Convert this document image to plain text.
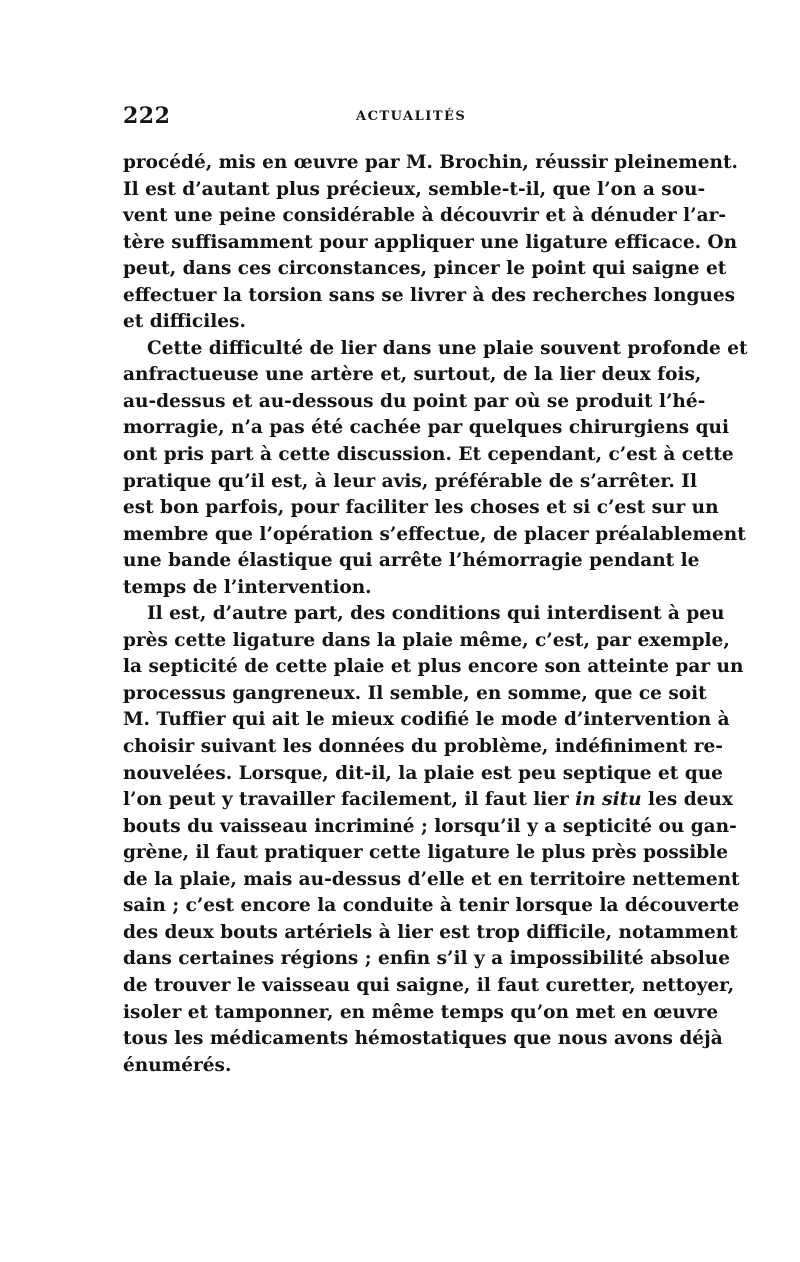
222	ACTUALITÉS
procédé, mis en œuvre par M. Brochin, réussir pleinement.
Il est d’autant plus précieux, semble-t-il, que l’on a sou-
vent une peine considérable à découvrir et à dénuder l’ar-
tère suffisamment pour appliquer une ligature efficace. On
peut, dans ces circonstances, pincer le point qui saigne et
effectuer la torsion sans se livrer à des recherches longues
et difficiles.
Cette difficulté de lier dans une plaie souvent profonde et
anfractueuse une artère et, surtout, de la lier deux fois,
au-dessus et au-dessous du point par où se produit l’hé-
morragie, n’a pas été cachée par quelques chirurgiens qui
ont pris part à cette discussion. Et cependant, c’est à cette
pratique qu’il est, à leur avis, préférable de s’arrêter. Il
est bon parfois, pour faciliter les choses et si c’est sur un
membre que l’opération s’effectue, de placer préalablement
une bande élastique qui arrête l’hémorragie pendant le
temps de l’intervention.
Il est, d’autre part, des conditions qui interdisent à peu
près cette ligature dans la plaie même, c’est, par exemple,
la septicité de cette plaie et plus encore son atteinte par un
processus gangreneux. Il semble, en somme, que ce soit
M. Tuffier qui ait le mieux codifié le mode d’intervention à
choisir suivant les données du problème, indéfiniment re-
nouvelées. Lorsque, dit-il, la plaie est peu septique et que
l’on peut y travailler facilement, il faut lier in situ les deux
bouts du vaisseau incriminé ; lorsqu’il y a septicité ou gan-
grène, il faut pratiquer cette ligature le plus près possible
de la plaie, mais au-dessus d’elle et en territoire nettement
sain ; c’est encore la conduite à tenir lorsque la découverte
des deux bouts artériels à lier est trop difficile, notamment
dans certaines régions ; enfin s’il y a impossibilité absolue
de trouver le vaisseau qui saigne, il faut curetter, nettoyer,
isoler et tamponner, en même temps qu’on met en œuvre
tous les médicaments hémostatiques que nous avons déjà
énumérés.
